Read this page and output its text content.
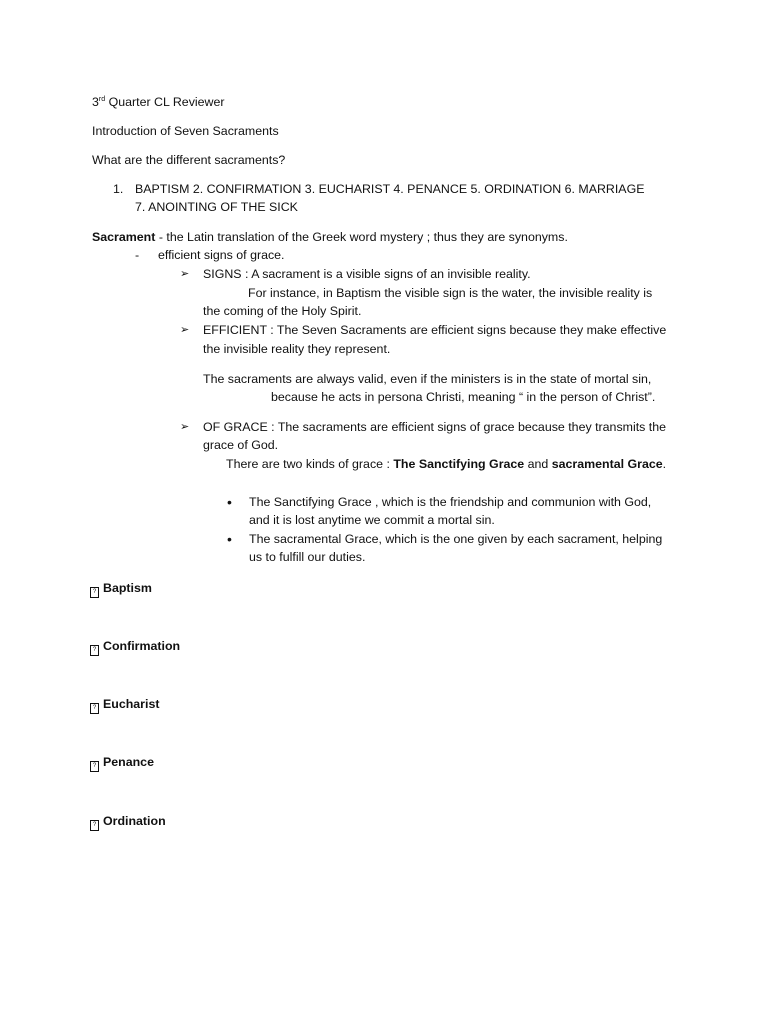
3rd Quarter CL Reviewer
Introduction of Seven Sacraments
What are the different sacraments?
1. BAPTISM 2. CONFIRMATION 3. EUCHARIST 4. PENANCE 5. ORDINATION 6. MARRIAGE
7. ANOINTING OF THE SICK
Sacrament - the Latin translation of the Greek word mystery ; thus they are synonyms.
- efficient signs of grace.
➢ SIGNS : A sacrament is a visible signs of an invisible reality.
For instance, in Baptism the visible sign is the water, the invisible reality is
the coming of the Holy Spirit.
➢ EFFICIENT : The Seven Sacraments are efficient signs because they make effective
the invisible reality they represent.
The sacraments are always valid, even if the ministers is in the state of mortal sin,
because he acts in persona Christi, meaning “ in the person of Christ”.
➢ OF GRACE : The sacraments are efficient signs of grace because they transmits the
grace of God.
There are two kinds of grace : The Sanctifying Grace and sacramental Grace.
• The Sanctifying Grace , which is the friendship and communion with God,
and it is lost anytime we commit a mortal sin.
• The sacramental Grace, which is the one given by each sacrament, helping
us to fulfill our duties.
? Baptism
? Confirmation
? Eucharist
? Penance
? Ordination
